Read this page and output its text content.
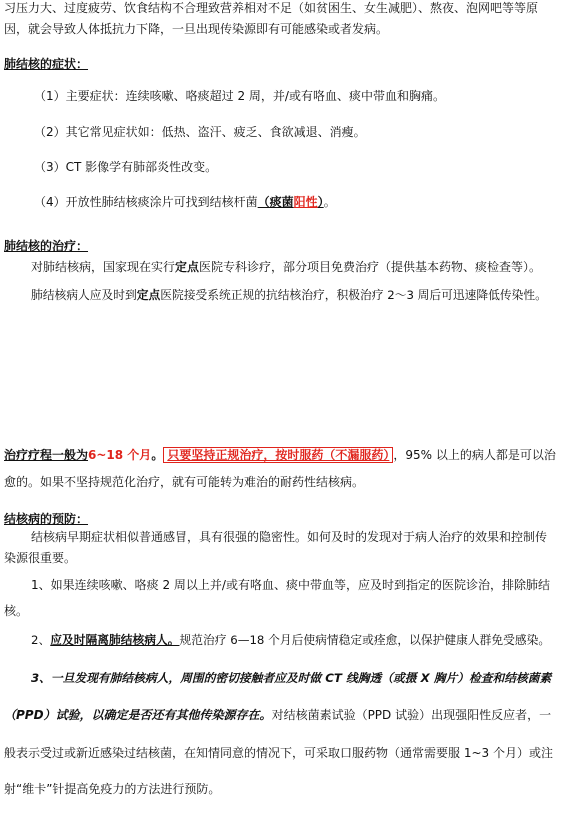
习压力大、过度疲劳、饮食结构不合理致营养相对不足（如贫困生、女生减肥）、熬夜、泡网吧等等原
因，就会导致人体抵抗力下降，一旦出现传染源即有可能感染或者发病。
肺结核的症状：
（1）主要症状：连续咳嗽、咯痰超过 2 周，并/或有咯血、痰中带血和胸痛。
（2）其它常见症状如：低热、盗汗、疲乏、食欲减退、消瘦。
（3）CT 影像学有肺部炎性改变。
（4）开放性肺结核痰涂片可找到结核杆菌（痰菌阳性）。
肺结核的治疗：
对肺结核病，国家现在实行定点医院专科诊疗，部分项目免费治疗（提供基本药物、痰检查等）。
肺结核病人应及时到定点医院接受系统正规的抗结核治疗，积极治疗 2～3 周后可迅速降低传染性。
治疗疗程一般为6~18 个月。 只要坚持正规治疗，按时服药（不漏服药） ，95% 以上的病人都是可以治
愈的。如果不坚持规范化治疗，就有可能转为难治的耐药性结核病。
结核病的预防：
结核病早期症状相似普通感冒，具有很强的隐密性。如何及时的发现对于病人治疗的效果和控制传
染源很重要。
1、如果连续咳嗽、咯痰 2 周以上并/或有咯血、痰中带血等，应及时到指定的医院诊治，排除肺结
核。
2、应及时隔离肺结核病人。规范治疗 6—18 个月后使病情稳定或痊愈，以保护健康人群免受感染。
3、一旦发现有肺结核病人，周围的密切接触者应及时做 CT 线胸透（或摄 X 胸片）检查和结核菌素
（PPD）试验，以确定是否还有其他传染源存在。对结核菌素试验（PPD 试验）出现强阳性反应者，一
般表示受过或新近感染过结核菌，在知情同意的情况下，可采取口服药物（通常需要服 1~3 个月）或注
射“维卡”针提高免疫力的方法进行预防。
